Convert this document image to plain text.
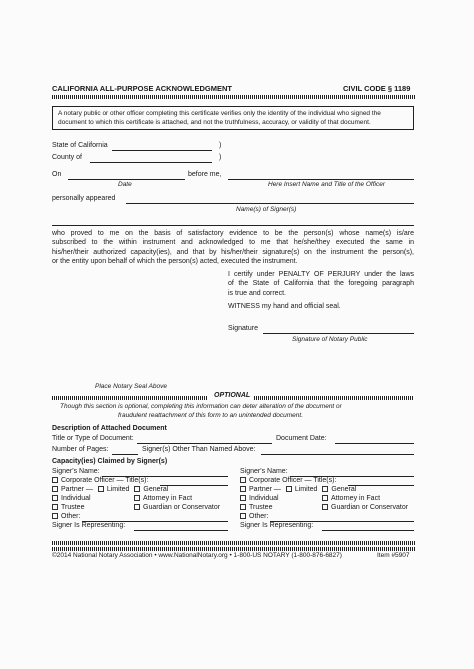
CALIFORNIA ALL-PURPOSE ACKNOWLEDGMENT	CIVIL CODE § 1189
A notary public or other officer completing this certificate verifies only the identity of the individual who signed the
document to which this certificate is attached, and not the truthfulness, accuracy, or validity of that document.
State of California	)
County of	)
On	before me,
Date	Here Insert Name and Title of the Officer
personally appeared
Name(s) of Signer(s)
who proved to me on the basis of satisfactory evidence to be the person(s) whose name(s) is/are
subscribed to the within instrument and acknowledged to me that he/she/they executed the same in
his/her/their authorized capacity(ies), and that by his/her/their signature(s) on the instrument the person(s),
or the entity upon behalf of which the person(s) acted, executed the instrument.
I certify under PENALTY OF PERJURY under the laws
of the State of California that the foregoing paragraph
is true and correct.
WITNESS my hand and official seal.
Signature
Signature of Notary Public
Place Notary Seal Above
OPTIONAL
Though this section is optional, completing this information can deter alteration of the document or
fraudulent reattachment of this form to an unintended document.
Description of Attached Document
Title or Type of Document:	Document Date:
Number of Pages:	Signer(s) Other Than Named Above:
Capacity(ies) Claimed by Signer(s)
Signer's Name:
Corporate Officer — Title(s):
Partner — Limited General
Individual	Attorney in Fact
Trustee	Guardian or Conservator
Other:
Signer Is Representing:
Signer's Name:
Corporate Officer — Title(s):
Partner — Limited General
Individual	Attorney in Fact
Trustee	Guardian or Conservator
Other:
Signer Is Representing:
©2014 National Notary Association • www.NationalNotary.org • 1-800-US NOTARY (1-800-876-6827)	Item #5907
